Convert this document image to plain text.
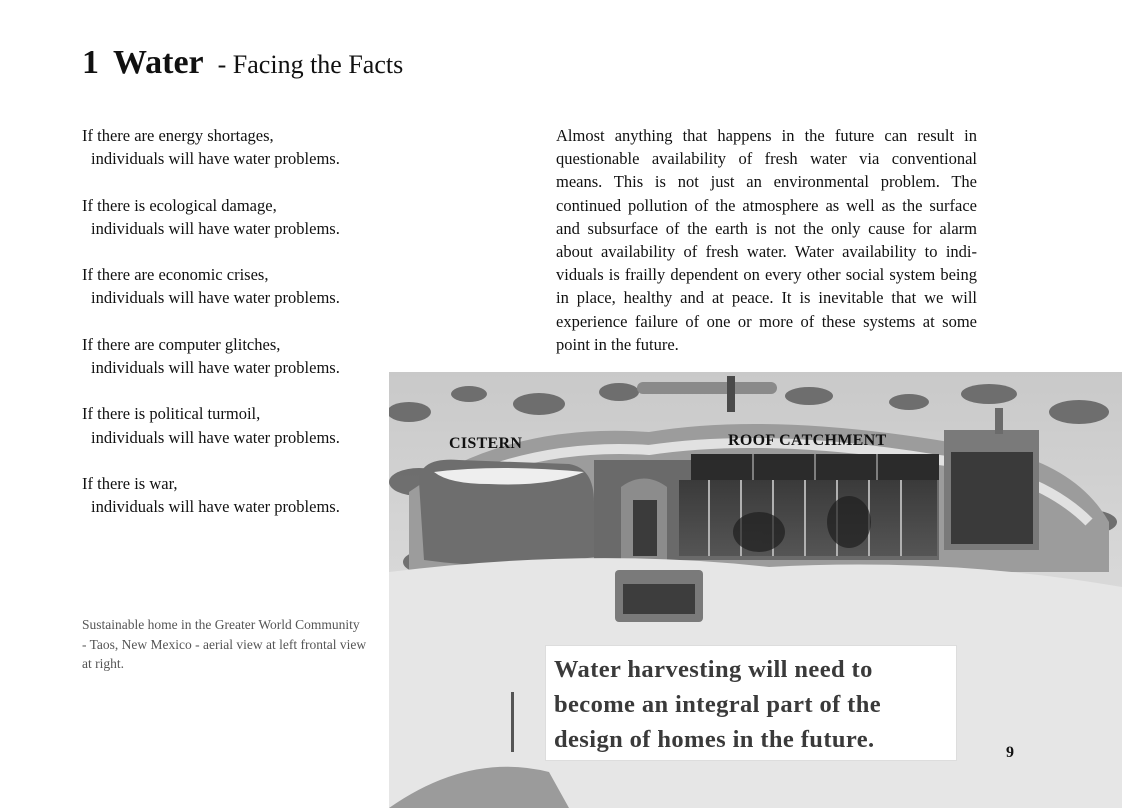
1 Water - Facing the Facts
If there are energy shortages,
individuals will have water problems.
If there is ecological damage,
individuals will have water problems.
If there are economic crises,
individuals will have water problems.
If there are computer glitches,
individuals will have water problems.
If there is political turmoil,
individuals will have water problems.
If there is war,
individuals will have water problems.
Sustainable home in the Greater World Community - Taos, New Mexico - aerial view at left frontal view at right.
Almost anything that happens in the future can result in questionable availability of fresh water via conventional means. This is not just an environmental problem. The continued pollution of the atmosphere as well as the surface and subsurface of the earth is not the only cause for alarm about availability of fresh water. Water availability to individuals is frailly dependent on every other social system being in place, healthy and at peace. It is inevitable that we will experience failure of one or more of these systems at some point in the future.
CISTERN	ROOF CATCHMENT

Water harvesting will need to

become an integral part of the

design of homes in the future.	9
